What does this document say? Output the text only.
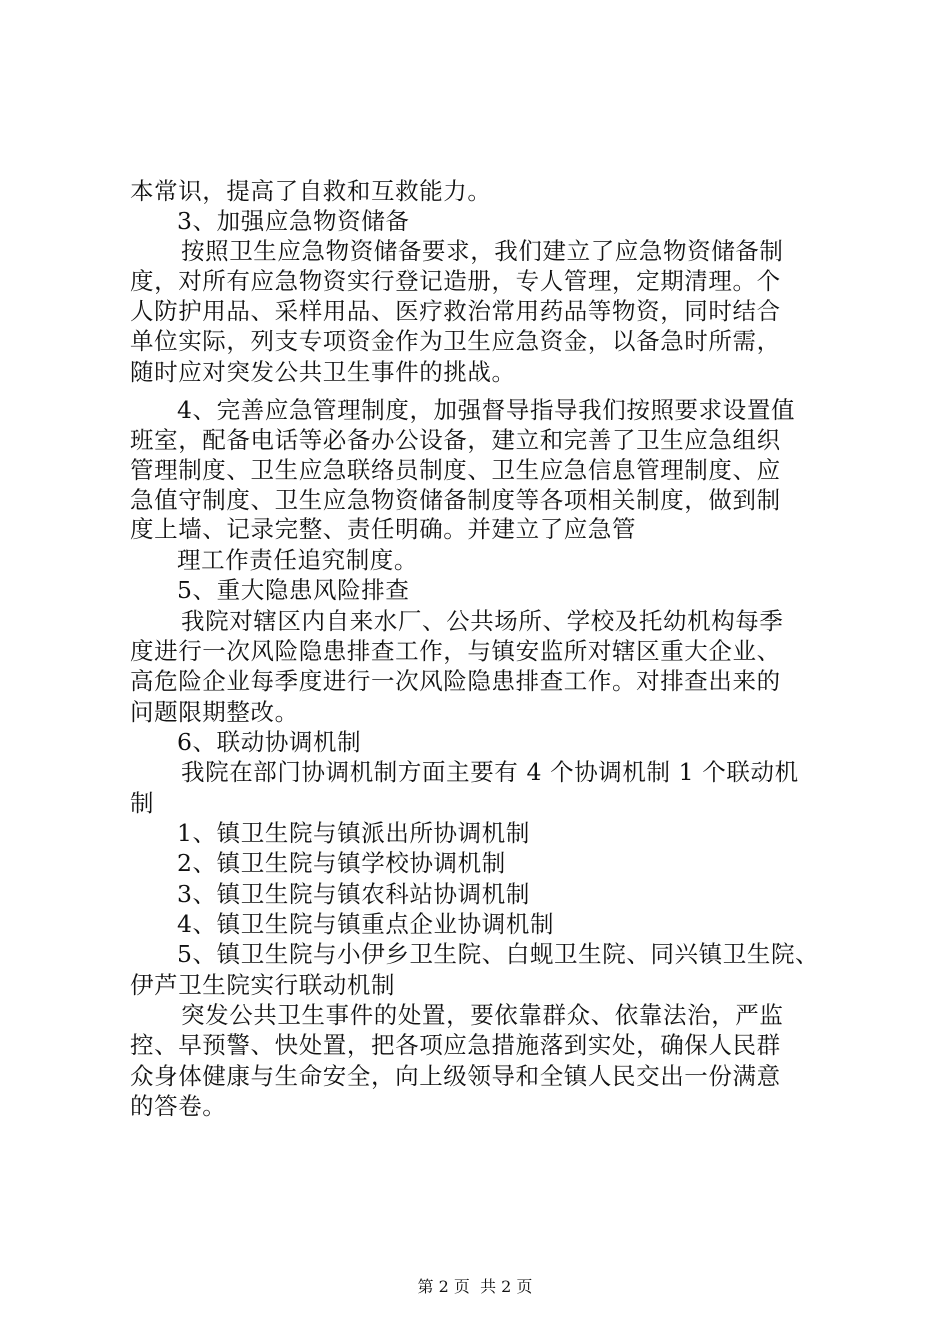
本常识，提高了自救和互救能力。
3、加强应急物资储备
按照卫生应急物资储备要求，我们建立了应急物资储备制
度，对所有应急物资实行登记造册，专人管理，定期清理。个
人防护用品、采样用品、医疗救治常用药品等物资，同时结合
单位实际，列支专项资金作为卫生应急资金，以备急时所需，
随时应对突发公共卫生事件的挑战。
4、完善应急管理制度，加强督导指导我们按照要求设置值
班室，配备电话等必备办公设备，建立和完善了卫生应急组织
管理制度、卫生应急联络员制度、卫生应急信息管理制度、应
急值守制度、卫生应急物资储备制度等各项相关制度，做到制
度上墙、记录完整、责任明确。并建立了应急管
理工作责任追究制度。
5、重大隐患风险排查
我院对辖区内自来水厂、公共场所、学校及托幼机构每季
度进行一次风险隐患排查工作，与镇安监所对辖区重大企业、
高危险企业每季度进行一次风险隐患排查工作。对排查出来的
问题限期整改。
6、联动协调机制
我院在部门协调机制方面主要有 4 个协调机制 1 个联动机
制
1、镇卫生院与镇派出所协调机制
2、镇卫生院与镇学校协调机制
3、镇卫生院与镇农科站协调机制
4、镇卫生院与镇重点企业协调机制
5、镇卫生院与小伊乡卫生院、白蚬卫生院、同兴镇卫生院、
伊芦卫生院实行联动机制
突发公共卫生事件的处置，要依靠群众、依靠法治，严监
控、早预警、快处置，把各项应急措施落到实处，确保人民群
众身体健康与生命安全，向上级领导和全镇人民交出一份满意
的答卷。
第 2 页  共 2 页
